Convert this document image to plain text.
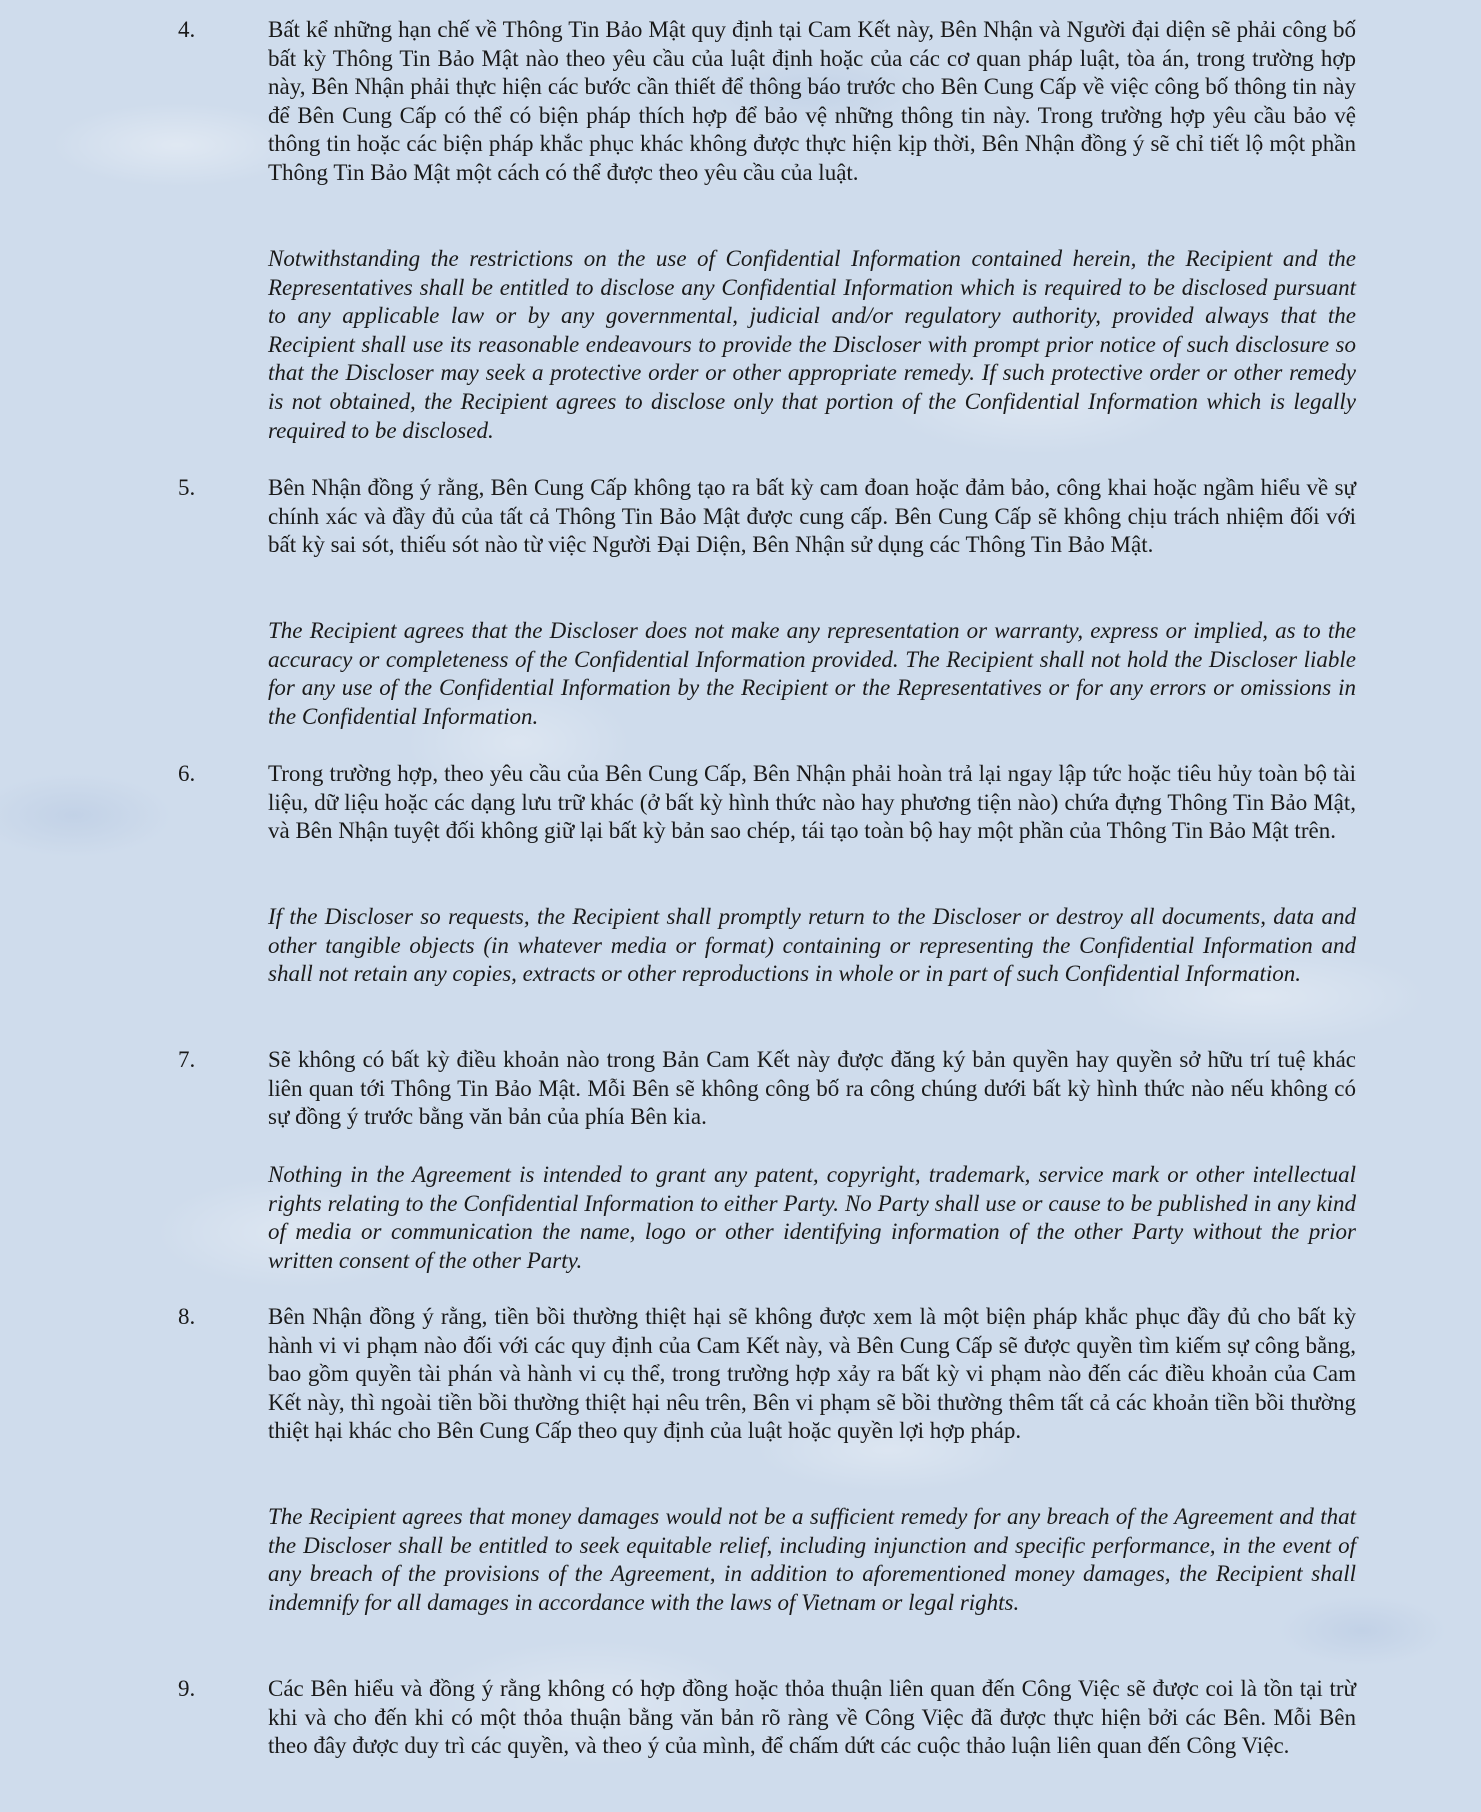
4.	Bất kể những hạn chế về Thông Tin Bảo Mật quy định tại Cam Kết này, Bên Nhận và Người đại diện sẽ phải công bố bất kỳ Thông Tin Bảo Mật nào theo yêu cầu của luật định hoặc của các cơ quan pháp luật, tòa án, trong trường hợp này, Bên Nhận phải thực hiện các bước cần thiết để thông báo trước cho Bên Cung Cấp về việc công bố thông tin này để Bên Cung Cấp có thể có biện pháp thích hợp để bảo vệ những thông tin này. Trong trường hợp yêu cầu bảo vệ thông tin hoặc các biện pháp khắc phục khác không được thực hiện kịp thời, Bên Nhận đồng ý sẽ chỉ tiết lộ một phần Thông Tin Bảo Mật một cách có thể được theo yêu cầu của luật.

Notwithstanding the restrictions on the use of Confidential Information contained herein, the Recipient and the Representatives shall be entitled to disclose any Confidential Information which is required to be disclosed pursuant to any applicable law or by any governmental, judicial and/or regulatory authority, provided always that the Recipient shall use its reasonable endeavours to provide the Discloser with prompt prior notice of such disclosure so that the Discloser may seek a protective order or other appropriate remedy. If such protective order or other remedy is not obtained, the Recipient agrees to disclose only that portion of the Confidential Information which is legally required to be disclosed.

5.	Bên Nhận đồng ý rằng, Bên Cung Cấp không tạo ra bất kỳ cam đoan hoặc đảm bảo, công khai hoặc ngầm hiểu về sự chính xác và đầy đủ của tất cả Thông Tin Bảo Mật được cung cấp. Bên Cung Cấp sẽ không chịu trách nhiệm đối với bất kỳ sai sót, thiếu sót nào từ việc Người Đại Diện, Bên Nhận sử dụng các Thông Tin Bảo Mật.

The Recipient agrees that the Discloser does not make any representation or warranty, express or implied, as to the accuracy or completeness of the Confidential Information provided. The Recipient shall not hold the Discloser liable for any use of the Confidential Information by the Recipient or the Representatives or for any errors or omissions in the Confidential Information.

6.	Trong trường hợp, theo yêu cầu của Bên Cung Cấp, Bên Nhận phải hoàn trả lại ngay lập tức hoặc tiêu hủy toàn bộ tài liệu, dữ liệu hoặc các dạng lưu trữ khác (ở bất kỳ hình thức nào hay phương tiện nào) chứa đựng Thông Tin Bảo Mật, và Bên Nhận tuyệt đối không giữ lại bất kỳ bản sao chép, tái tạo toàn bộ hay một phần của Thông Tin Bảo Mật trên.

If the Discloser so requests, the Recipient shall promptly return to the Discloser or destroy all documents, data and other tangible objects (in whatever media or format) containing or representing the Confidential Information and shall not retain any copies, extracts or other reproductions in whole or in part of such Confidential Information.

7.	Sẽ không có bất kỳ điều khoản nào trong Bản Cam Kết này được đăng ký bản quyền hay quyền sở hữu trí tuệ khác liên quan tới Thông Tin Bảo Mật. Mỗi Bên sẽ không công bố ra công chúng dưới bất kỳ hình thức nào nếu không có sự đồng ý trước bằng văn bản của phía Bên kia.

Nothing in the Agreement is intended to grant any patent, copyright, trademark, service mark or other intellectual rights relating to the Confidential Information to either Party. No Party shall use or cause to be published in any kind of media or communication the name, logo or other identifying information of the other Party without the prior written consent of the other Party.

8.	Bên Nhận đồng ý rằng, tiền bồi thường thiệt hại sẽ không được xem là một biện pháp khắc phục đầy đủ cho bất kỳ hành vi vi phạm nào đối với các quy định của Cam Kết này, và Bên Cung Cấp sẽ được quyền tìm kiếm sự công bằng, bao gồm quyền tài phán và hành vi cụ thể, trong trường hợp xảy ra bất kỳ vi phạm nào đến các điều khoản của Cam Kết này, thì ngoài tiền bồi thường thiệt hại nêu trên, Bên vi phạm sẽ bồi thường thêm tất cả các khoản tiền bồi thường thiệt hại khác cho Bên Cung Cấp theo quy định của luật hoặc quyền lợi hợp pháp.

The Recipient agrees that money damages would not be a sufficient remedy for any breach of the Agreement and that the Discloser shall be entitled to seek equitable relief, including injunction and specific performance, in the event of any breach of the provisions of the Agreement, in addition to aforementioned money damages, the Recipient shall indemnify for all damages in accordance with the laws of Vietnam or legal rights.

9.	Các Bên hiểu và đồng ý rằng không có hợp đồng hoặc thỏa thuận liên quan đến Công Việc sẽ được coi là tồn tại trừ khi và cho đến khi có một thỏa thuận bằng văn bản rõ ràng về Công Việc đã được thực hiện bởi các Bên. Mỗi Bên theo đây được duy trì các quyền, và theo ý của mình, để chấm dứt các cuộc thảo luận liên quan đến Công Việc.
